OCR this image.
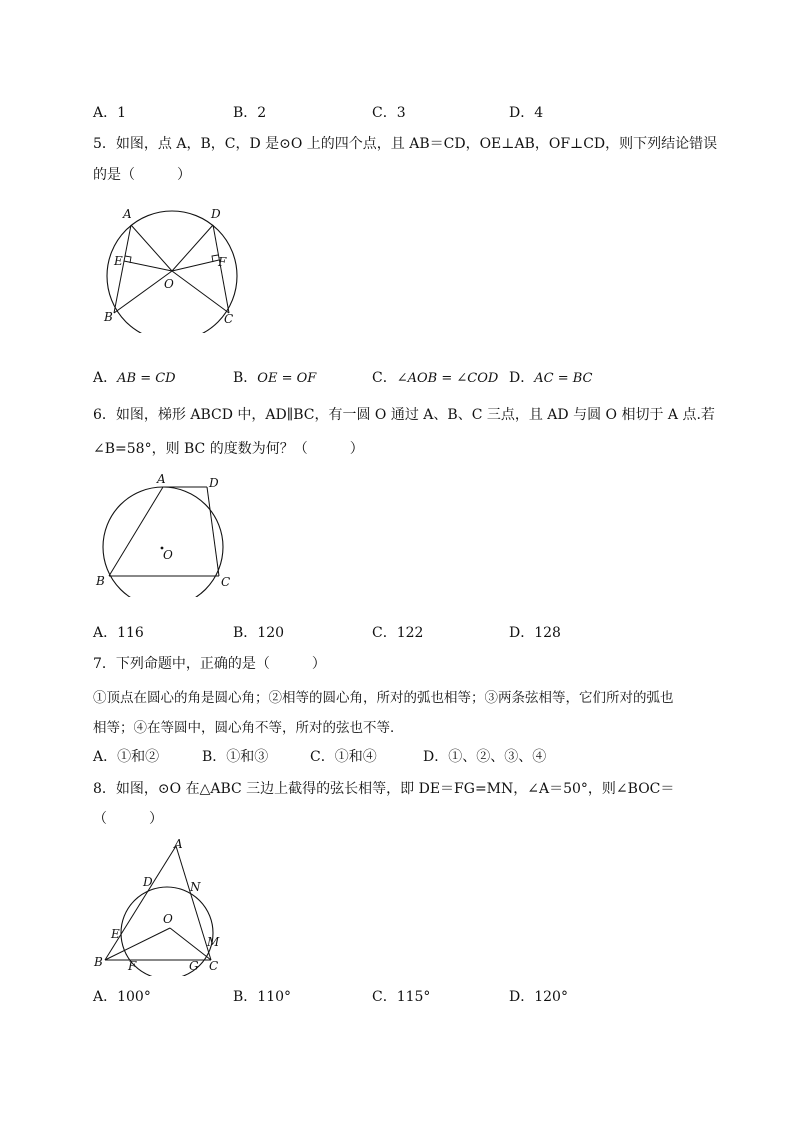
A．1	B．2	C．3	D．4
5．如图，点 A，B，C，D 是⊙O 上的四个点，且 AB＝CD，OE⊥AB，OF⊥CD，则下列结论错误
的是（　　　）
A	D
E	F
O
B	C
A．AB = CD	B．OE = OF	C．∠AOB = ∠COD D．AC = BC
6．如图，梯形 ABCD 中，AD∥BC，有一圆 O 通过 A、B、C 三点，且 AD 与圆 O 相切于 A 点.若
∠B=58°，则 BC 的度数为何？（　　　）
A	D
O
B	C
A．116	B．120	C．122	D．128
7．下列命题中，正确的是（　　　）
①顶点在圆心的角是圆心角；②相等的圆心角，所对的弧也相等；③两条弦相等，它们所对的弧也
相等；④在等圆中，圆心角不等，所对的弦也不等．
A．①和②	B．①和③	C．①和④	D．①、②、③、④
8．如图，⊙O 在△ABC 三边上截得的弦长相等，即 DE＝FG=MN，∠A＝50°，则∠BOC＝
（　　　）
A
D	N
O
E
M
B F	G C
A．100°	B．110°	C．115°	D．120°
